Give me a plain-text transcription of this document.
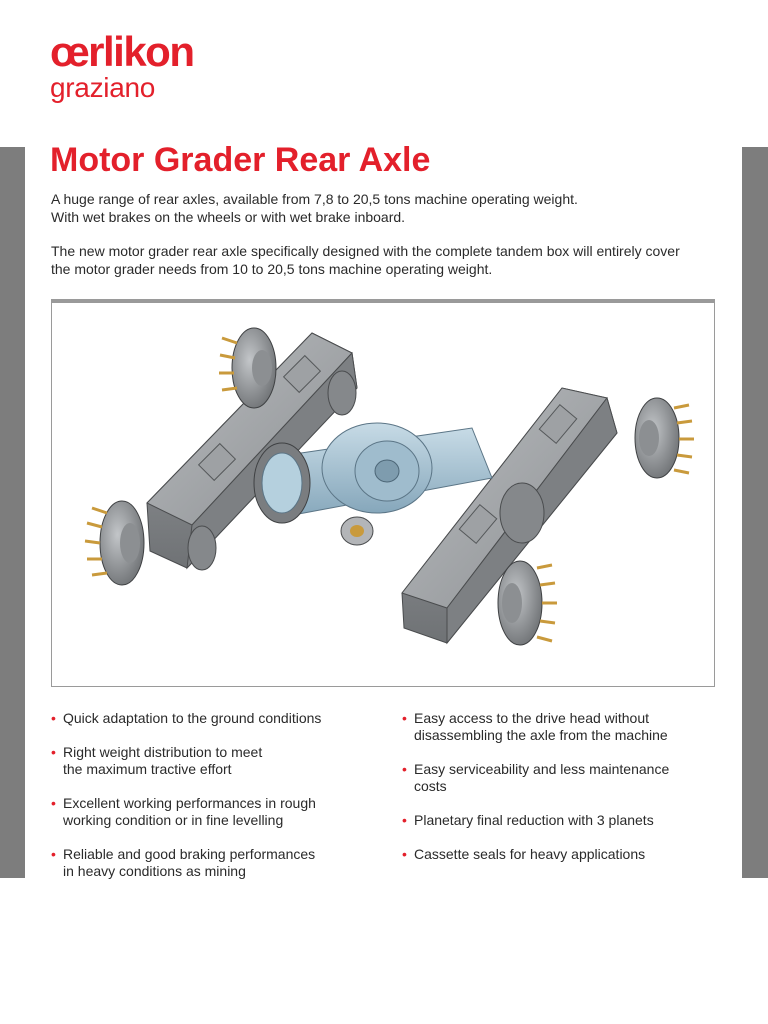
œrlikon
graziano
Motor Grader Rear Axle

A huge range of rear axles, available from 7,8 to 20,5 tons machine operating weight.
With wet brakes on the wheels or with wet brake inboard.

The new motor grader rear axle specifically designed with the complete tandem box will entirely cover
the motor grader needs from 10 to 20,5 tons machine operating weight.

• Quick adaptation to the ground conditions
• Right weight distribution to meet
the maximum tractive effort
• Excellent working performances in rough
working condition or in fine levelling
• Reliable and good braking performances
in heavy conditions as mining
• Easy access to the drive head without
disassembling the axle from the machine
• Easy serviceability and less maintenance
costs
• Planetary final reduction with 3 planets
• Cassette seals for heavy applications
